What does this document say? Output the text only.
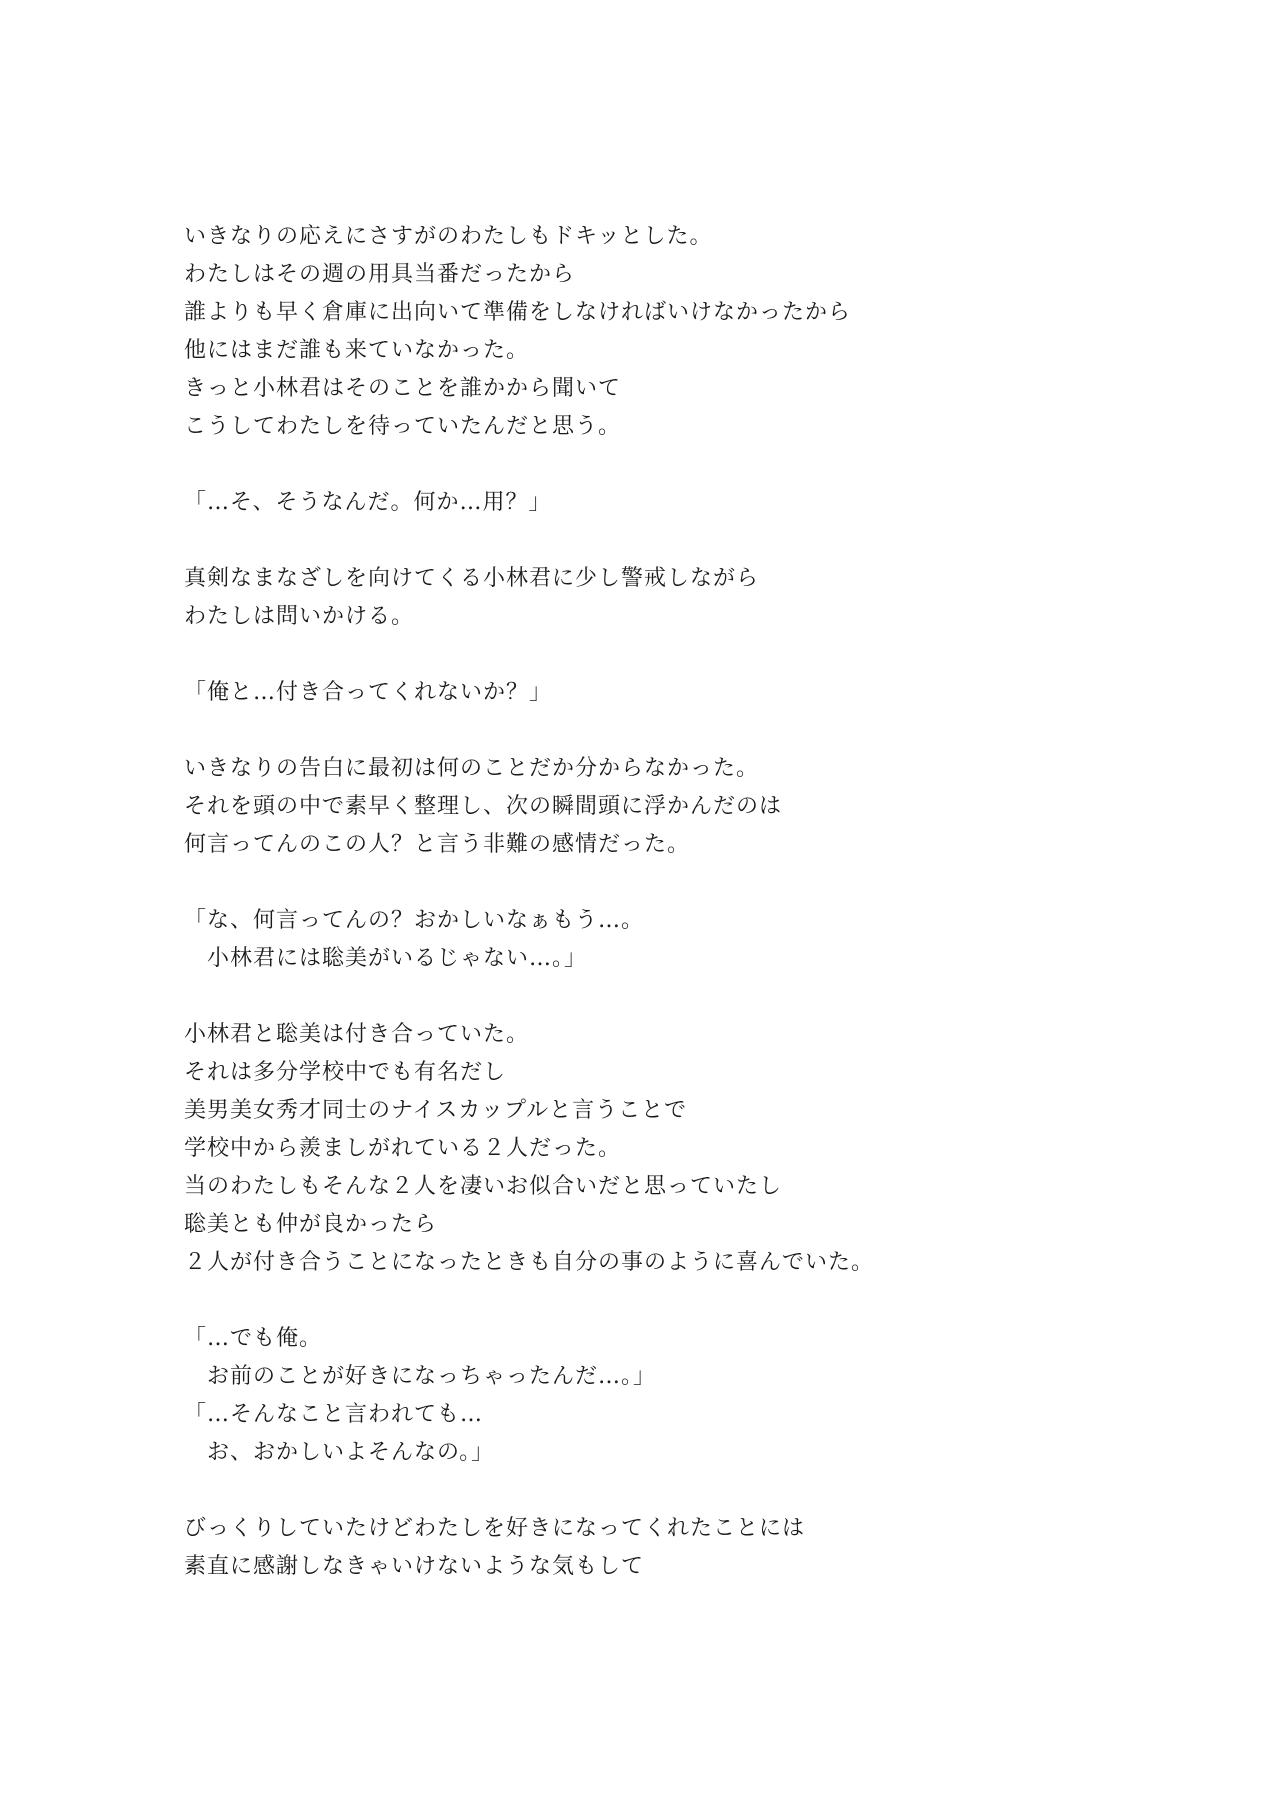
いきなりの応えにさすがのわたしもドキッとした。
わたしはその週の用具当番だったから
誰よりも早く倉庫に出向いて準備をしなければいけなかったから
他にはまだ誰も来ていなかった。
きっと小林君はそのことを誰かから聞いて
こうしてわたしを待っていたんだと思う。
「…そ、そうなんだ。何か…用？」
真剣なまなざしを向けてくる小林君に少し警戒しながら
わたしは問いかける。
「俺と…付き合ってくれないか？」
いきなりの告白に最初は何のことだか分からなかった。
それを頭の中で素早く整理し、次の瞬間頭に浮かんだのは
何言ってんのこの人？と言う非難の感情だった。
「な、何言ってんの？おかしいなぁもう…。
　小林君には聡美がいるじゃない…。」
小林君と聡美は付き合っていた。
それは多分学校中でも有名だし
美男美女秀才同士のナイスカップルと言うことで
学校中から羨ましがれている２人だった。
当のわたしもそんな２人を凄いお似合いだと思っていたし
聡美とも仲が良かったら
２人が付き合うことになったときも自分の事のように喜んでいた。
「…でも俺。
　お前のことが好きになっちゃったんだ…。」
「…そんなこと言われても…
　お、おかしいよそんなの。」
びっくりしていたけどわたしを好きになってくれたことには
素直に感謝しなきゃいけないような気もして
